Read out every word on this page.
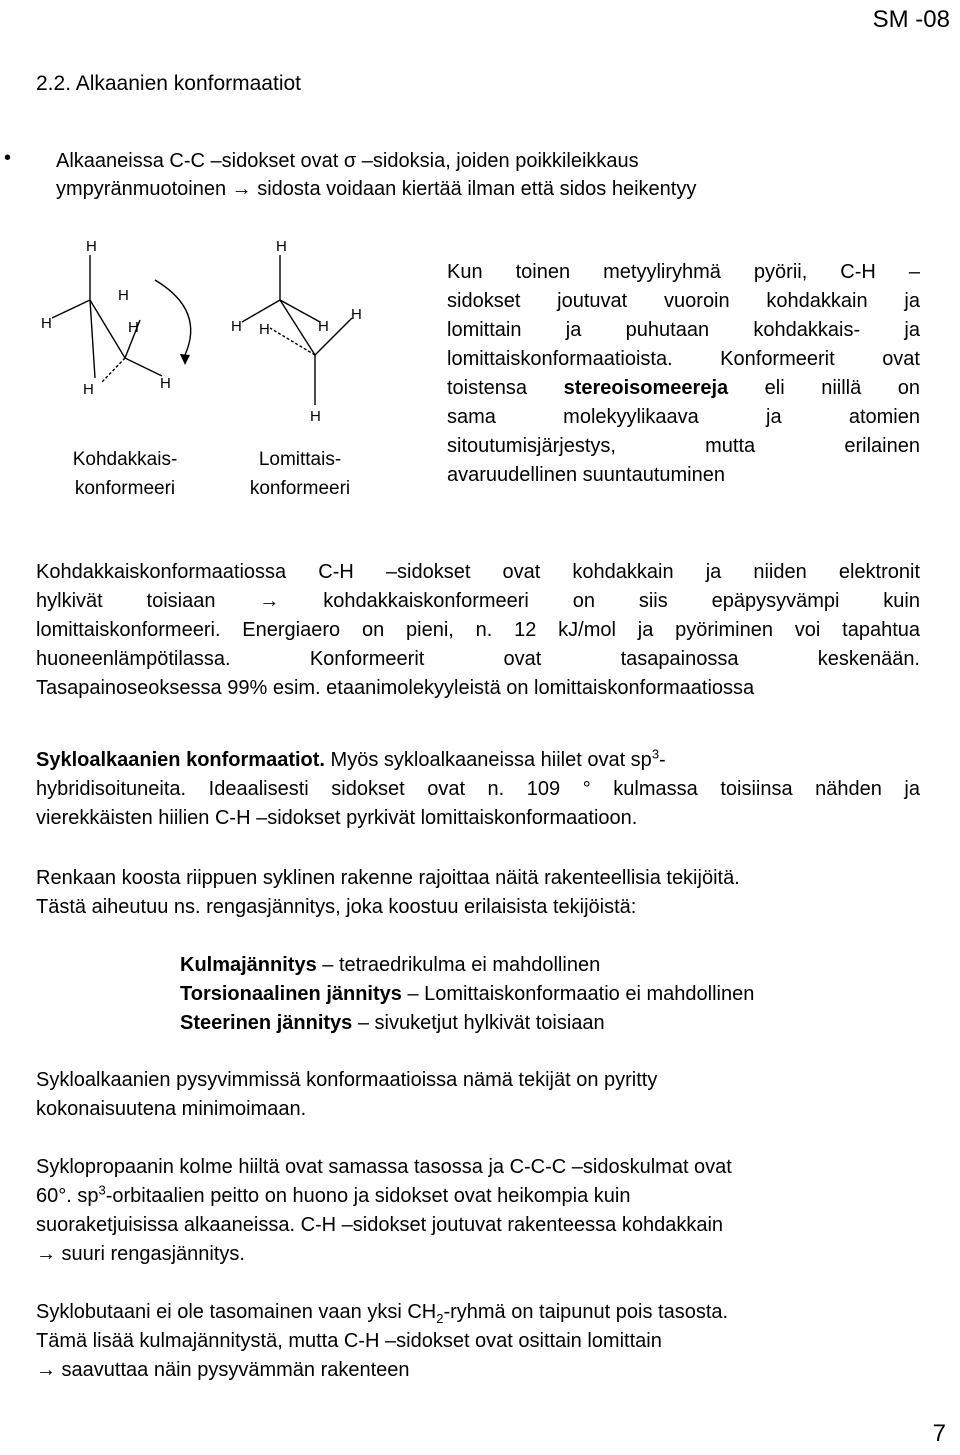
SM -08
7
2.2. Alkaanien konformaatiot
• Alkaaneissa C-C –sidokset ovat σ –sidoksia, joiden poikkileikkaus
ympyränmuotoinen → sidosta voidaan kiertää ilman että sidos heikentyy
H
H
H
H
H	H
H
H H	H
H
H
Kohdakkais-
konformeeri
Lomittais-
konformeeri
Kun toinen metyyliryhmä pyörii, C-H –
sidokset joutuvat vuoroin kohdakkain ja
lomittain ja puhutaan kohdakkais- ja
lomittaiskonformaatioista. Konformeerit ovat
toistensa stereoisomeereja eli niillä on
sama molekyylikaava ja atomien
sitoutumisjärjestys, mutta erilainen
avaruudellinen suuntautuminen
Kohdakkaiskonformaatiossa C-H –sidokset ovat kohdakkain ja niiden elektronit
hylkivät toisiaan → kohdakkaiskonformeeri on siis epäpysyvämpi kuin
lomittaiskonformeeri. Energiaero on pieni, n. 12 kJ/mol ja pyöriminen voi tapahtua
huoneenlämpötilassa. Konformeerit ovat tasapainossa keskenään.
Tasapainoseoksessa 99% esim. etaanimolekyyleistä on lomittaiskonformaatiossa
Sykloalkaanien konformaatiot. Myös sykloalkaaneissa hiilet ovat $sp^3-$
hybridisoituneita. Ideaalisesti sidokset ovat n. 109 ° kulmassa toisiinsa nähden ja
vierekkäisten hiilien C-H –sidokset pyrkivät lomittaiskonformaatioon.
Renkaan koosta riippuen syklinen rakenne rajoittaa näitä rakenteellisia tekijöitä.
Tästä aiheutuu ns. rengasjännitys, joka koostuu erilaisista tekijöistä:
Kulmajännitys – tetraedrikulma ei mahdollinen
Torsionaalinen jännitys – Lomittaiskonformaatio ei mahdollinen
Steerinen jännitys – sivuketjut hylkivät toisiaan
Sykloalkaanien pysyvimmissä konformaatioissa nämä tekijät on pyritty
kokonaisuutena minimoimaan.
Syklopropaanin kolme hiiltä ovat samassa tasossa ja C-C-C –sidoskulmat ovat
60°. $sp^3$-orbitaalien peitto on huono ja sidokset ovat heikompia kuin
suoraketjuisissa alkaaneissa. C-H –sidokset joutuvat rakenteessa kohdakkain
→ suuri rengasjännitys.
Syklobutaani ei ole tasomainen vaan yksi $CH_2$-ryhmä on taipunut pois tasosta.
Tämä lisää kulmajännitystä, mutta C-H –sidokset ovat osittain lomittain
→ saavuttaa näin pysyvämmän rakenteen
